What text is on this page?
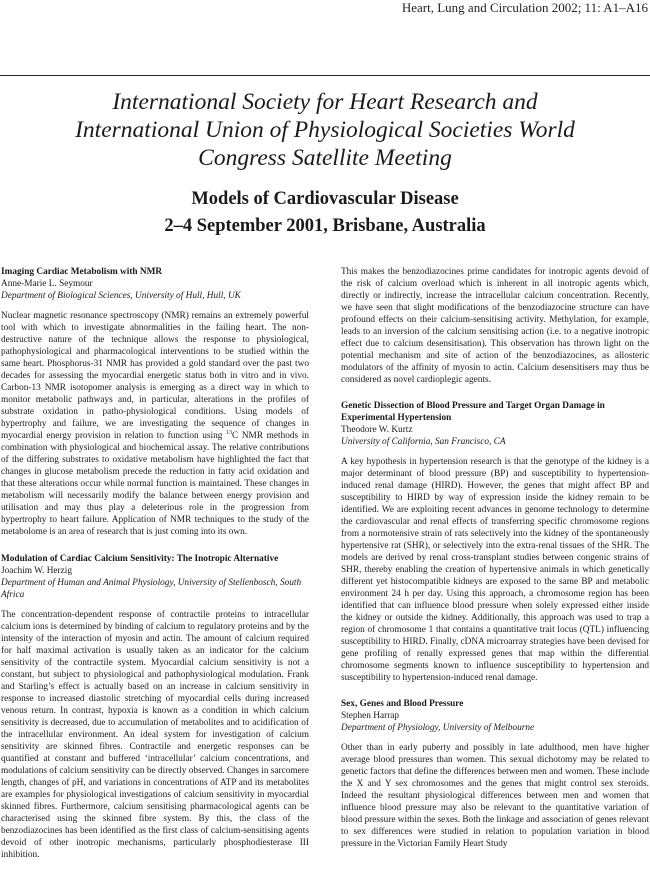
Heart, Lung and Circulation 2002; 11: A1–A16
International Society for Heart Research and
International Union of Physiological Societies World
Congress Satellite Meeting
Models of Cardiovascular Disease
2–4 September 2001, Brisbane, Australia

Imaging Cardiac Metabolism with NMR

Anne-Marie L. Seymour

Department of Biological Sciences, University of Hull, Hull, UK

Nuclear magnetic resonance spectroscopy (NMR) remains an extremely powerful tool with which to investigate abnormalities in the failing heart. The non-destructive nature of the technique allows the response to physiological, pathophysiological and pharmacological interventions to be studied within the same heart. Phosphorus-31 NMR has provided a gold standard over the past two decades for assessing the myocardial energetic status both in vitro and in vivo. Carbon-13 NMR isotopomer analysis is emerging as a direct way in which to monitor metabolic pathways and, in particular, alterations in the profiles of substrate oxidation in patho-physiological conditions. Using models of hypertrophy and failure, we are investigating the sequence of changes in myocardial energy provision in relation to function using $^{13}$C NMR methods in combination with physiological and biochemical assay. The relative contributions of the differing substrates to oxidative metabolism have highlighted the fact that changes in glucose metabolism precede the reduction in fatty acid oxidation and that these alterations occur while normal function is maintained. These changes in metabolism will necessarily modify the balance between energy provision and utilisation and may thus play a deleterious role in the progression from hypertrophy to heart failure. Application of NMR techniques to the study of the metabolome is an area of research that is just coming into its own.

Modulation of Cardiac Calcium Sensitivity: The Inotropic Alternative

Joachim W. Herzig

Department of Human and Animal Physiology, University of Stellenbosch, South Africa

The concentration-dependent response of contractile proteins to intracellular calcium ions is determined by binding of calcium to regulatory proteins and by the intensity of the interaction of myosin and actin. The amount of calcium required for half maximal activation is usually taken as an indicator for the calcium sensitivity of the contractile system. Myocardial calcium sensitivity is not a constant, but subject to physiological and pathophysiological modulation. Frank and Starling’s effect is actually based on an increase in calcium sensitivity in response to increased diastolic stretching of myocardial cells during increased venous return. In contrast, hypoxia is known as a condition in which calcium sensitivity is decreased, due to accumulation of metabolites and to acidification of the intracellular environment. An ideal system for investigation of calcium sensitivity are skinned fibres. Contractile and energetic responses can be quantified at constant and buffered ‘intracellular’ calcium concentrations, and modulations of calcium sensitivity can be directly observed. Changes in sarcomere length, changes of pH, and variations in concentrations of ATP and its metabolites are examples for physiological investigations of calcium sensitivity in myocardial skinned fibres. Furthermore, calcium sensitising pharmacological agents can be characterised using the skinned fibre system. By this, the class of the benzodiazocines has been identified as the first class of calcium-sensitising agents devoid of other inotropic mechanisms, particularly phosphodiesterase III inhibition.

This makes the benzodiazocines prime candidates for inotropic agents devoid of the risk of calcium overload which is inherent in all inotropic agents which, directly or indirectly, increase the intracellular calcium concentration. Recently, we have seen that slight modifications of the benzodiazocine structure can have profound effects on their calcium-sensitising activity. Methylation, for example, leads to an inversion of the calcium sensitising action (i.e. to a negative inotropic effect due to calcium desensitisation). This observation has thrown light on the potential mechanism and site of action of the benzodiazocines, as allosteric modulators of the affinity of myosin to actin. Calcium desensitisers may thus be considered as novel cardioplegic agents.

Genetic Dissection of Blood Pressure and Target Organ Damage in Experimental Hypertension

Theodore W. Kurtz

University of California, San Francisco, CA

A key hypothesis in hypertension research is that the genotype of the kidney is a major determinant of blood pressure (BP) and susceptibility to hypertension-induced renal damage (HIRD). However, the genes that might affect BP and susceptibility to HIRD by way of expression inside the kidney remain to be identified. We are exploiting recent advances in genome technology to determine the cardiovascular and renal effects of transferring specific chromosome regions from a normotensive strain of rats selectively into the kidney of the spontaneously hypertensive rat (SHR), or selectively into the extra-renal tissues of the SHR. The models are derived by renal cross-transplant studies between congenic strains of SHR, thereby enabling the creation of hypertensive animals in which genetically different yet histocompatible kidneys are exposed to the same BP and metabolic environment 24 h per day. Using this approach, a chromosome region has been identified that can influence blood pressure when solely expressed either inside the kidney or outside the kidney. Additionally, this approach was used to trap a region of chromosome 1 that contains a quantitative trait locus (QTL) influencing susceptibility to HIRD. Finally, cDNA microarray strategies have been devised for gene profiling of renally expressed genes that map within the differential chromosome segments known to influence susceptibility to hypertension and susceptibility to hypertension-induced renal damage.

Sex, Genes and Blood Pressure

Stephen Harrap

Department of Physiology, University of Melbourne

Other than in early puberty and possibly in late adulthood, men have higher average blood pressures than women. This sexual dichotomy may be related to genetic factors that define the differences between men and women. These include the X and Y sex chromosomes and the genes that might control sex steroids. Indeed the resultant physiological differences between men and women that influence blood pressure may also be relevant to the quantitative variation of blood pressure within the sexes. Both the linkage and association of genes relevant to sex differences were studied in relation to population variation in blood pressure in the Victorian Family Heart Study
